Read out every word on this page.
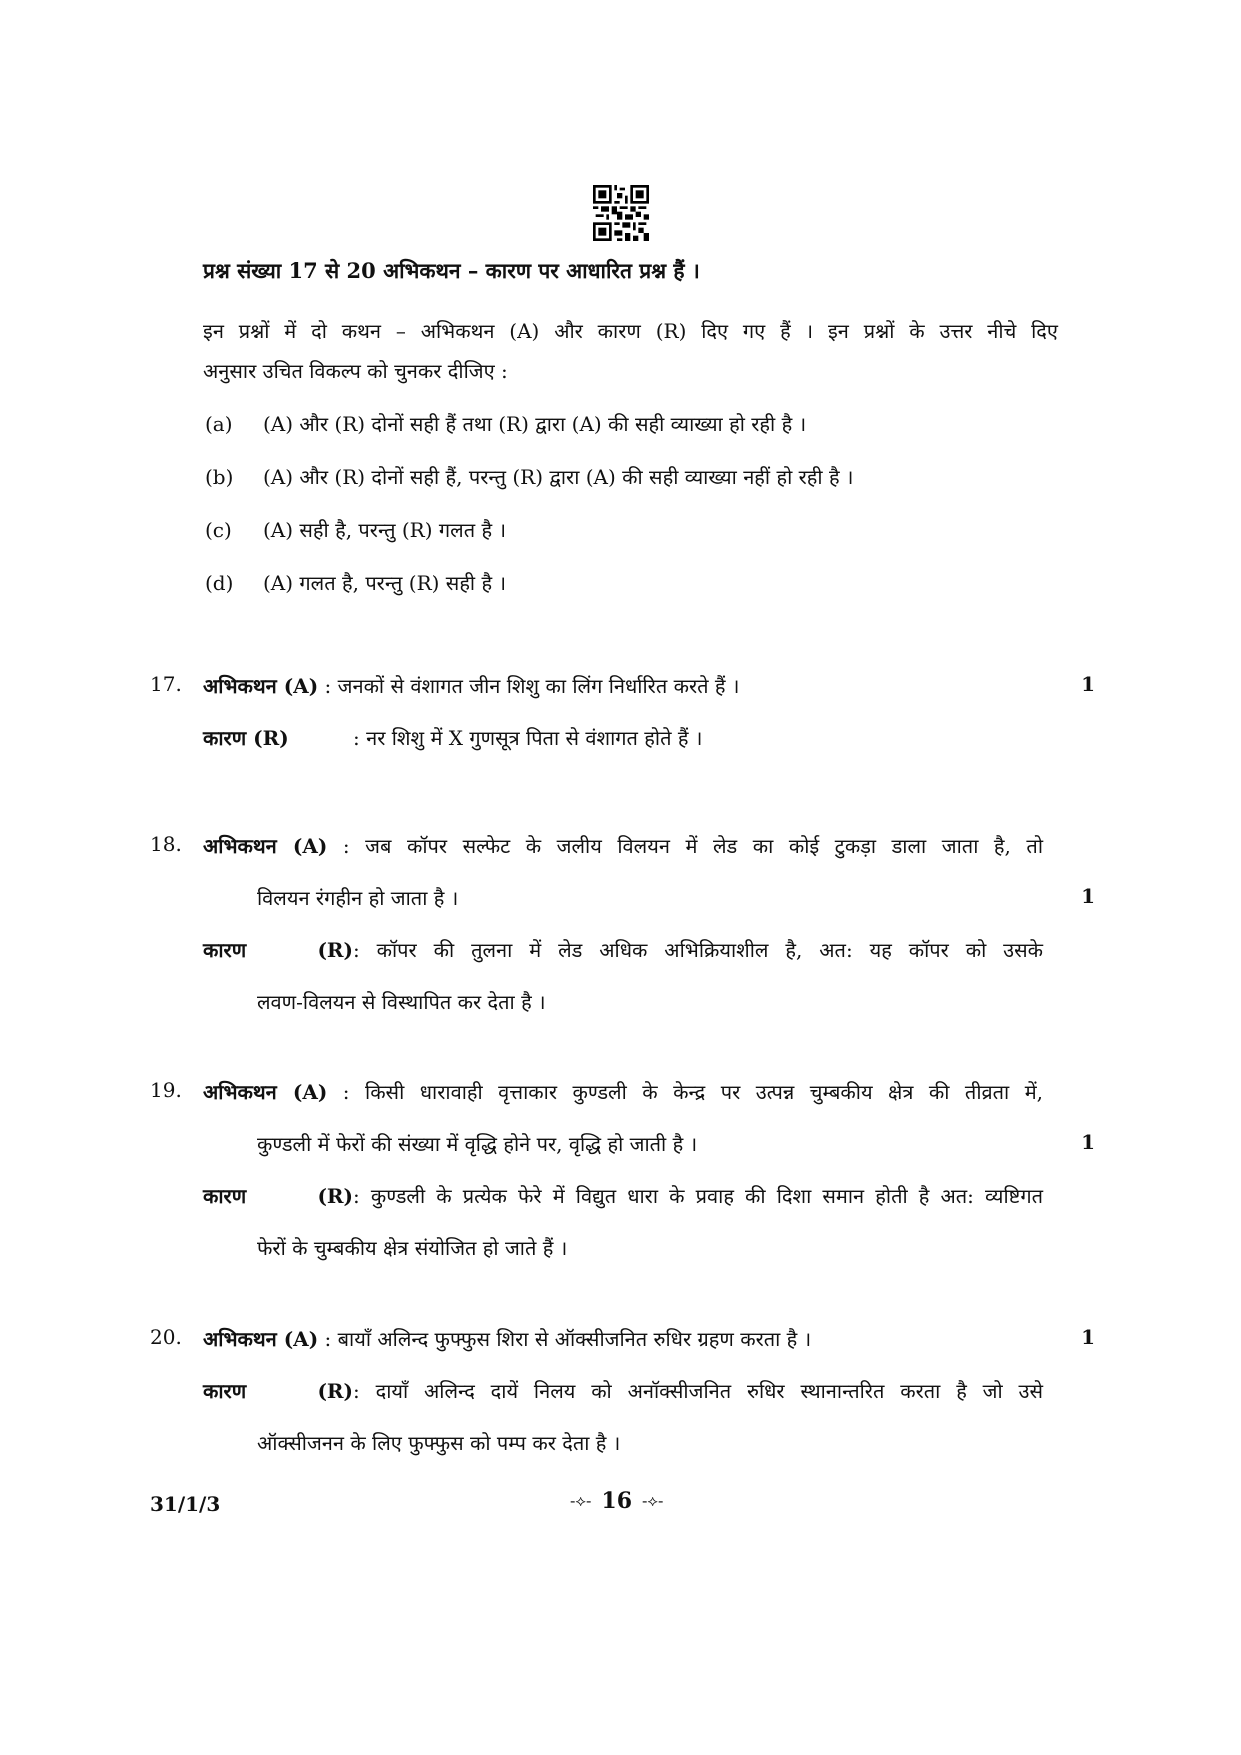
प्रश्न संख्या 17 से 20 अभिकथन – कारण पर आधारित प्रश्न हैं ।
इन प्रश्नों में दो कथन – अभिकथन (A) और कारण (R) दिए गए हैं । इन प्रश्नों के उत्तर नीचे दिए
अनुसार उचित विकल्प को चुनकर दीजिए :
(a) (A) और (R) दोनों सही हैं तथा (R) द्वारा (A) की सही व्याख्या हो रही है ।
(b) (A) और (R) दोनों सही हैं, परन्तु (R) द्वारा (A) की सही व्याख्या नहीं हो रही है ।
(c) (A) सही है, परन्तु (R) गलत है ।
(d) (A) गलत है, परन्तु (R) सही है ।
17. अभिकथन (A) : जनकों से वंशागत जीन शिशु का लिंग निर्धारित करते हैं ।	1
कारण (R)	: नर शिशु में X गुणसूत्र पिता से वंशागत होते हैं ।
18. अभिकथन (A) : जब कॉपर सल्फेट के जलीय विलयन में लेड का कोई टुकड़ा डाला जाता है, तो
विलयन रंगहीन हो जाता है ।	1
कारण (R): कॉपर की तुलना में लेड अधिक अभिक्रियाशील है, अत: यह कॉपर को उसके
लवण-विलयन से विस्थापित कर देता है ।
19. अभिकथन (A) : किसी धारावाही वृत्ताकार कुण्डली के केन्द्र पर उत्पन्न चुम्बकीय क्षेत्र की तीव्रता में,
कुण्डली में फेरों की संख्या में वृद्धि होने पर, वृद्धि हो जाती है ।	1
कारण (R): कुण्डली के प्रत्येक फेरे में विद्युत धारा के प्रवाह की दिशा समान होती है अत: व्यष्टिगत
फेरों के चुम्बकीय क्षेत्र संयोजित हो जाते हैं ।
20. अभिकथन (A) : बायाँ अलिन्द फुफ्फुस शिरा से ऑक्सीजनित रुधिर ग्रहण करता है ।	1
कारण (R): दायाँ अलिन्द दायें निलय को अनॉक्सीजनित रुधिर स्थानान्तरित करता है जो उसे
ऑक्सीजनन के लिए फुफ्फुस को पम्प कर देता है ।
31/1/3	-⟡- 16 -⟡-
